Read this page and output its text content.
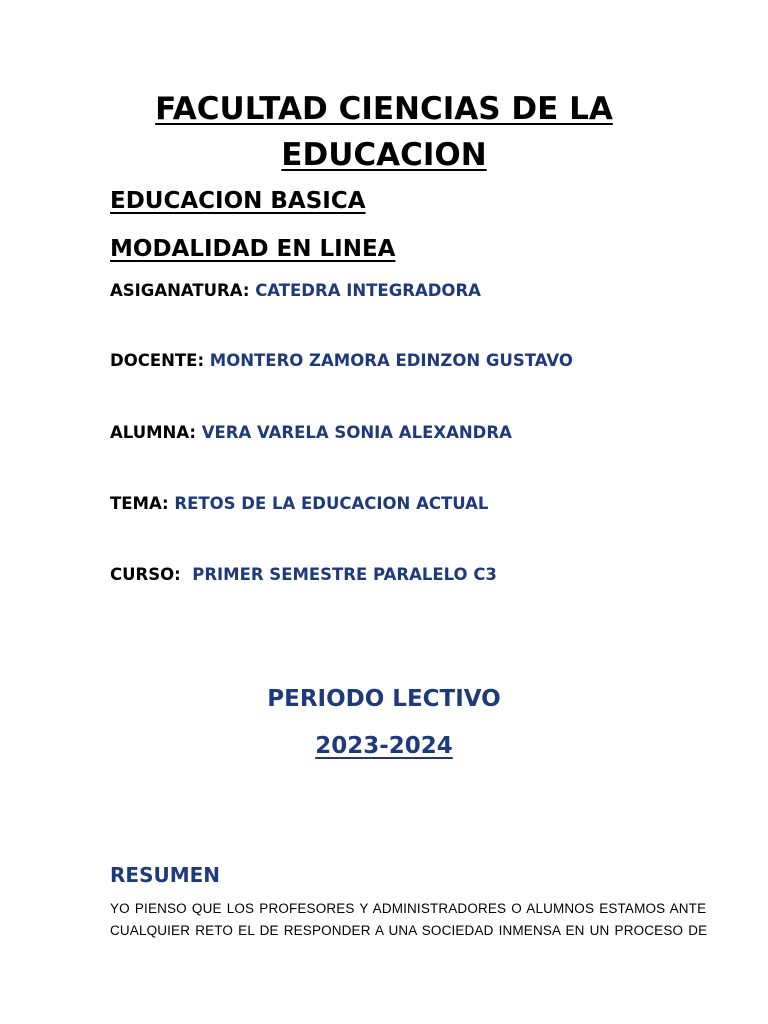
FACULTAD CIENCIAS DE LA
EDUCACION
EDUCACION BASICA
MODALIDAD EN LINEA
ASIGANATURA: CATEDRA INTEGRADORA
DOCENTE: MONTERO ZAMORA EDINZON GUSTAVO
ALUMNA: VERA VARELA SONIA ALEXANDRA
TEMA: RETOS DE LA EDUCACION ACTUAL
CURSO:  PRIMER SEMESTRE PARALELO C3
PERIODO LECTIVO
2023-2024
RESUMEN
YO PIENSO QUE LOS PROFESORES Y ADMINISTRADORES O ALUMNOS ESTAMOS ANTE
CUALQUIER RETO EL DE RESPONDER A UNA SOCIEDAD INMENSA EN UN PROCESO DE
